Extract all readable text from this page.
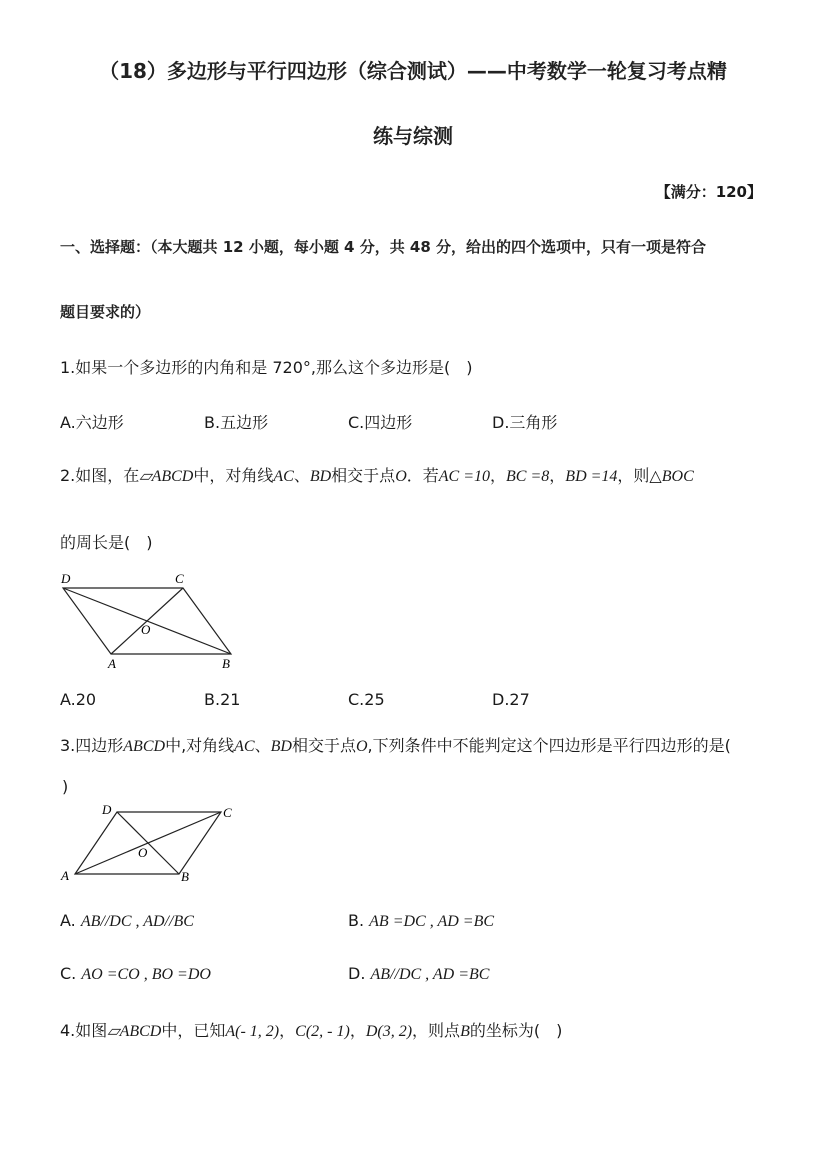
（18）多边形与平行四边形（综合测试）——中考数学一轮复习考点精
练与综测
【满分：120】
一、选择题：（本大题共 12 小题，每小题 4 分，共 48 分，给出的四个选项中，只有一项是符合
题目要求的）
1.如果一个多边形的内角和是 720°,那么这个多边形是(　)
A.六边形	B.五边形	C.四边形	D.三角形
2.如图，在▱ABCD中，对角线AC、BD相交于点O．若AC =10，BC =8，BD =14，则△BOC
的周长是(　)
D	C
O
A	B
A.20	B.21	C.25	D.27
3.四边形ABCD中,对角线AC、BD相交于点O,下列条件中不能判定这个四边形是平行四边形的是(
)
D	C
O
A	B
A. AB//DC , AD//BC	B. AB =DC , AD =BC
C. AO =CO , BO =DO	D. AB//DC , AD =BC
4.如图▱ABCD中，已知A(- 1, 2)，C(2, - 1)，D(3, 2)，则点B的坐标为(　)
